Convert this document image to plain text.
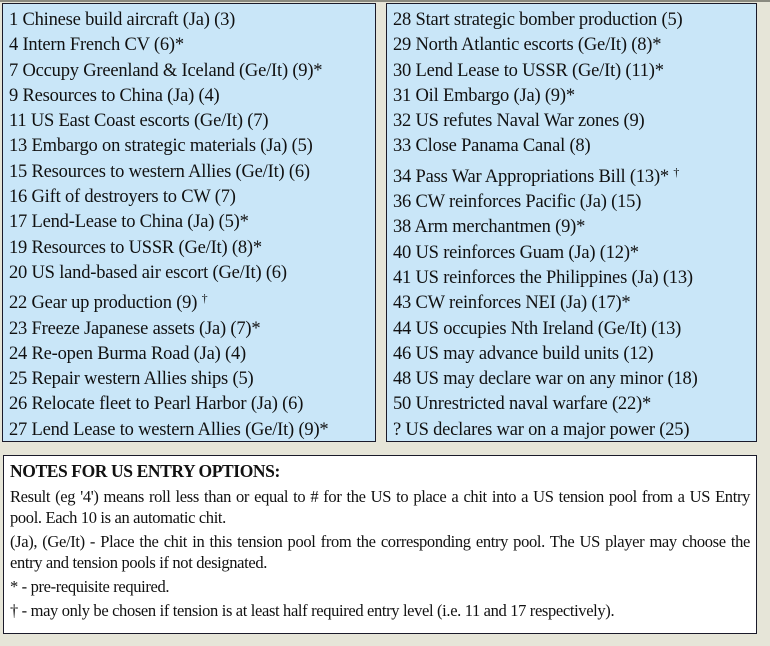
1 Chinese build aircraft (Ja) (3)
4 Intern French CV (6)*
7 Occupy Greenland & Iceland (Ge/It) (9)*
9 Resources to China (Ja) (4)
11 US East Coast escorts (Ge/It) (7)
13 Embargo on strategic materials (Ja) (5)
15 Resources to western Allies (Ge/It) (6)
16 Gift of destroyers to CW (7)
17 Lend-Lease to China (Ja) (5)*
19 Resources to USSR (Ge/It) (8)*
20 US land-based air escort (Ge/It) (6)
22 Gear up production (9) †
23 Freeze Japanese assets (Ja) (7)*
24 Re-open Burma Road (Ja) (4)
25 Repair western Allies ships (5)
26 Relocate fleet to Pearl Harbor (Ja) (6)
27 Lend Lease to western Allies (Ge/It) (9)*
28 Start strategic bomber production (5)
29 North Atlantic escorts (Ge/It) (8)*
30 Lend Lease to USSR (Ge/It) (11)*
31 Oil Embargo (Ja) (9)*
32 US refutes Naval War zones (9)
33 Close Panama Canal (8)
34 Pass War Appropriations Bill (13)* †
36 CW reinforces Pacific (Ja) (15)
38 Arm merchantmen (9)*
40 US reinforces Guam (Ja) (12)*
41 US reinforces the Philippines (Ja) (13)
43 CW reinforces NEI (Ja) (17)*
44 US occupies Nth Ireland (Ge/It) (13)
46 US may advance build units (12)
48 US may declare war on any minor (18)
50 Unrestricted naval warfare (22)*
? US declares war on a major power (25)
NOTES FOR US ENTRY OPTIONS:
Result (eg '4') means roll less than or equal to # for the US to place a chit into a US tension pool from a US Entry pool. Each 10 is an automatic chit.
(Ja), (Ge/It) - Place the chit in this tension pool from the corresponding entry pool. The US player may choose the entry and tension pools if not designated.
* - pre-requisite required.
† - may only be chosen if tension is at least half required entry level (i.e. 11 and 17 respectively).
